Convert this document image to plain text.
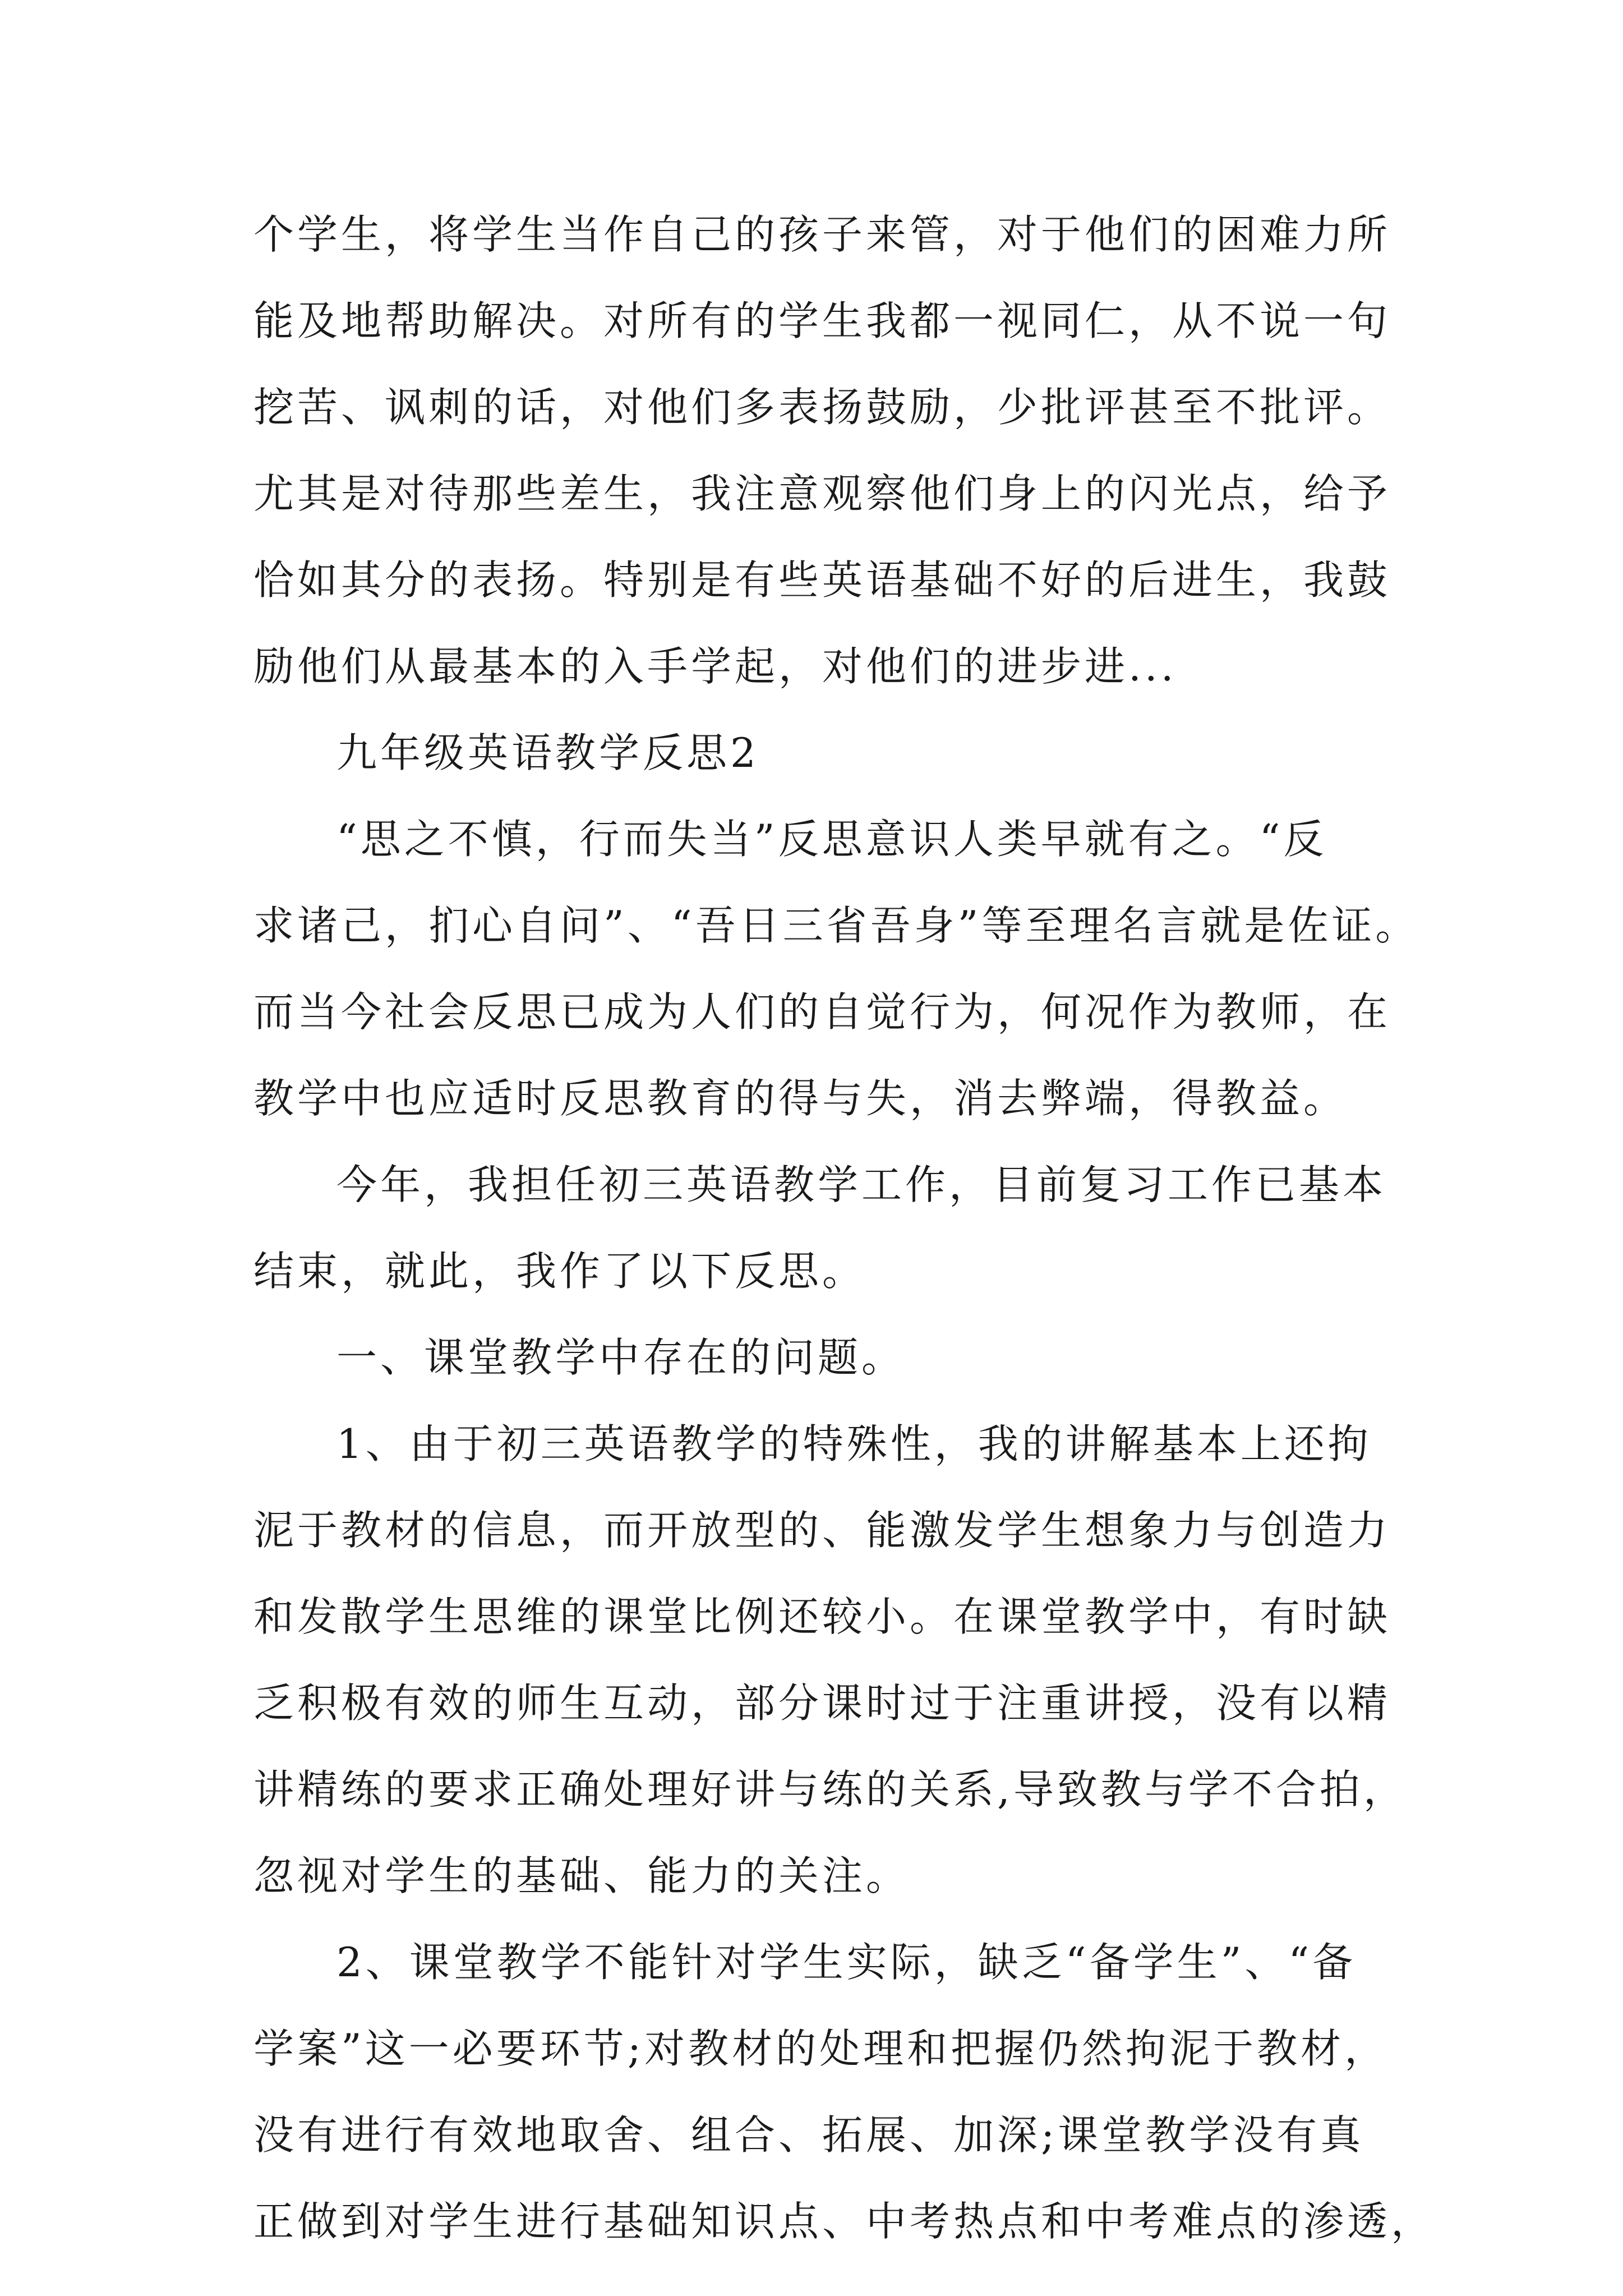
个学生，将学生当作自己的孩子来管，对于他们的困难力所
能及地帮助解决。对所有的学生我都一视同仁，从不说一句
挖苦、讽刺的话，对他们多表扬鼓励，少批评甚至不批评。
尤其是对待那些差生，我注意观察他们身上的闪光点，给予
恰如其分的表扬。特别是有些英语基础不好的后进生，我鼓
励他们从最基本的入手学起，对他们的进步进...
九年级英语教学反思2
“思之不慎，行而失当”反思意识人类早就有之。“反
求诸己，扪心自问”、“吾日三省吾身”等至理名言就是佐证。
而当今社会反思已成为人们的自觉行为，何况作为教师，在
教学中也应适时反思教育的得与失，消去弊端，得教益。
今年，我担任初三英语教学工作，目前复习工作已基本
结束，就此，我作了以下反思。
一、课堂教学中存在的问题。
1、由于初三英语教学的特殊性，我的讲解基本上还拘
泥于教材的信息，而开放型的、能激发学生想象力与创造力
和发散学生思维的课堂比例还较小。在课堂教学中，有时缺
乏积极有效的师生互动，部分课时过于注重讲授，没有以精
讲精练的要求正确处理好讲与练的关系,导致教与学不合拍，
忽视对学生的基础、能力的关注。
2、课堂教学不能针对学生实际，缺乏“备学生”、“备
学案”这一必要环节;对教材的处理和把握仍然拘泥于教材，
没有进行有效地取舍、组合、拓展、加深;课堂教学没有真
正做到对学生进行基础知识点、中考热点和中考难点的渗透，
